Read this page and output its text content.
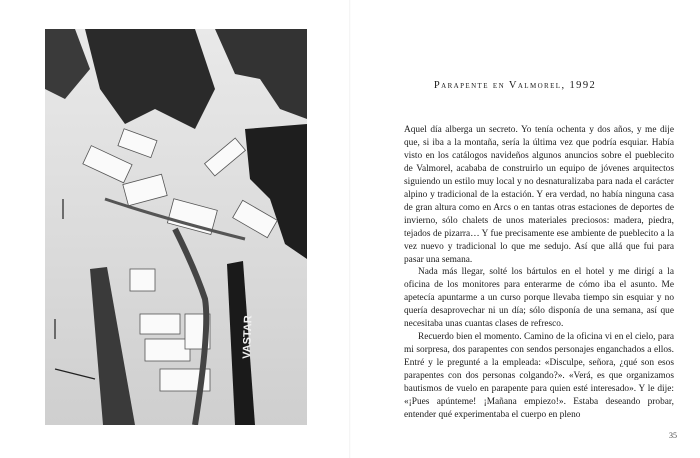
VASTAR
Parapente en Valmorel, 1992

Aquel día alberga un secreto. Yo tenía ochenta y dos años, y me dije que, si iba a la montaña, sería la última vez que podría esquiar. Había visto en los catálogos navideños algunos anuncios sobre el pueblecito de Valmorel, acababa de construirlo un equipo de jóvenes arquitectos siguiendo un estilo muy local y no desnaturalizaba para nada el carácter alpino y tradicional de la estación. Y era verdad, no había ninguna casa de gran altura como en Arcs o en tantas otras estaciones de deportes de invierno, sólo chalets de unos materiales preciosos: madera, piedra, tejados de pizarra… Y fue precisamente ese ambiente de pueblecito a la vez nuevo y tradicional lo que me sedujo. Así que allá que fui para pasar una semana.

Nada más llegar, solté los bártulos en el hotel y me dirigí a la oficina de los monitores para enterarme de cómo iba el asunto. Me apetecía apuntarme a un curso porque llevaba tiempo sin esquiar y no quería desaprovechar ni un día; sólo disponía de una semana, así que necesitaba unas cuantas clases de refresco.

Recuerdo bien el momento. Camino de la oficina vi en el cielo, para mi sorpresa, dos parapentes con sendos personajes enganchados a ellos. Entré y le pregunté a la empleada: «Disculpe, señora, ¿qué son esos parapentes con dos personas colgando?». «Verá, es que organizamos bautismos de vuelo en parapente para quien esté interesado». Y le dije: «¡Pues apúnteme! ¡Mañana empiezo!». Estaba deseando probar, entender qué experimentaba el cuerpo en pleno

35
